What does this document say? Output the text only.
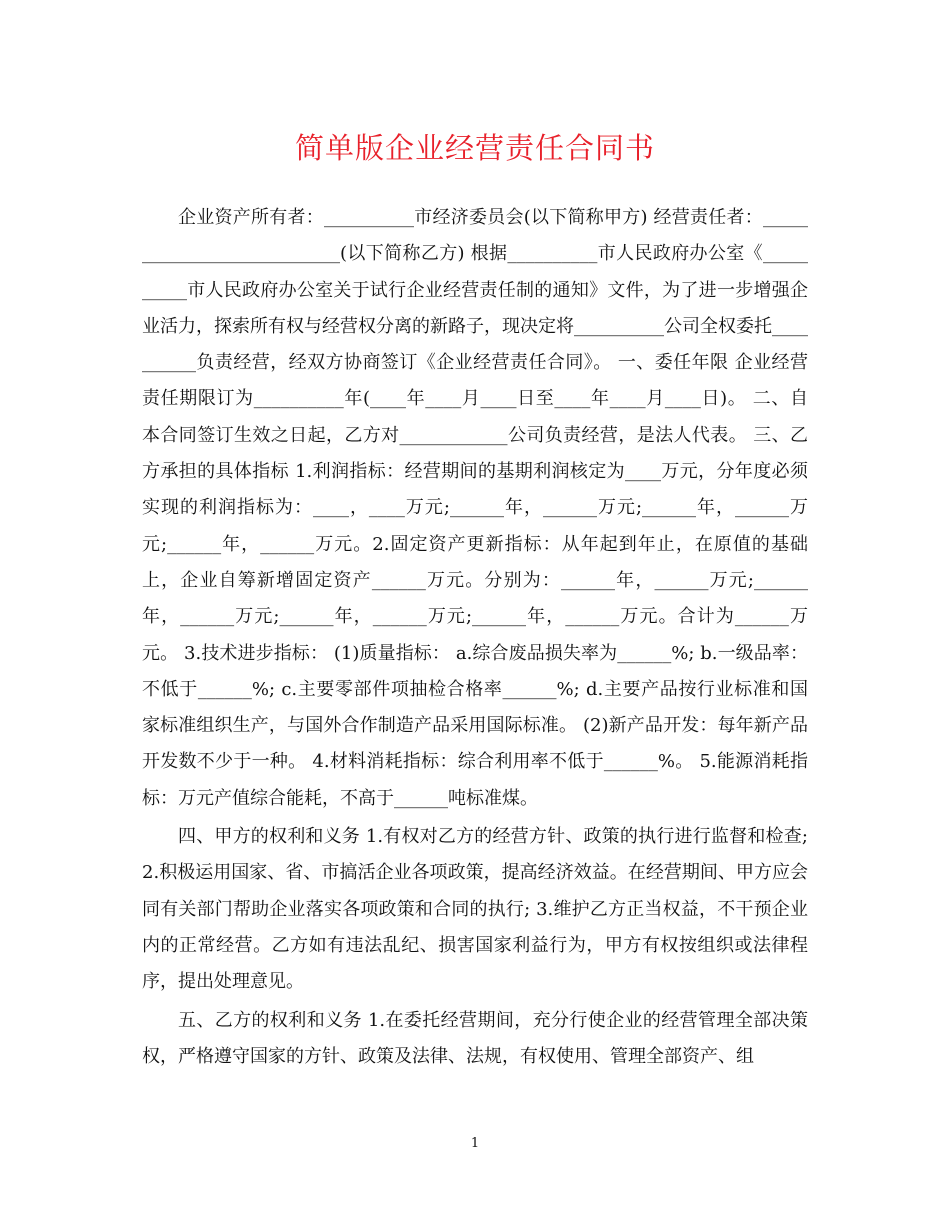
简单版企业经营责任合同书

企业资产所有者：__________市经济委员会(以下简称甲方) 经营责任者：___________________________(以下简称乙方) 根据__________市人民政府办公室《__________市人民政府办公室关于试行企业经营责任制的通知》文件，为了进一步增强企业活力，探索所有权与经营权分离的新路子，现决定将__________公司全权委托__________负责经营，经双方协商签订《企业经营责任合同》。 一、委任年限 企业经营责任期限订为__________年(____年____月____日至____年____月____日)。 二、自本合同签订生效之日起，乙方对____________公司负责经营，是法人代表。 三、乙方承担的具体指标 1.利润指标：经营期间的基期利润核定为____万元，分年度必须实现的利润指标为：____，____万元;______年，______万元;______年，______万元;______年，______万元。2.固定资产更新指标：从年起到年止，在原值的基础上，企业自筹新增固定资产______万元。分别为：______年，______万元;______年，______万元;______年，______万元;______年，______万元。合计为______万元。 3.技术进步指标： (1)质量指标： a.综合废品损失率为______%; b.一级品率：不低于______%; c.主要零部件项抽检合格率______%; d.主要产品按行业标准和国家标准组织生产，与国外合作制造产品采用国际标准。 (2)新产品开发：每年新产品开发数不少于一种。 4.材料消耗指标：综合利用率不低于______%。 5.能源消耗指标：万元产值综合能耗，不高于______吨标准煤。

四、甲方的权利和义务 1.有权对乙方的经营方针、政策的执行进行监督和检查; 2.积极运用国家、省、市搞活企业各项政策，提高经济效益。在经营期间、甲方应会同有关部门帮助企业落实各项政策和合同的执行; 3.维护乙方正当权益，不干预企业内的正常经营。乙方如有违法乱纪、损害国家利益行为，甲方有权按组织或法律程序，提出处理意见。

五、乙方的权利和义务 1.在委托经营期间，充分行使企业的经营管理全部决策权，严格遵守国家的方针、政策及法律、法规，有权使用、管理全部资产、组

1
